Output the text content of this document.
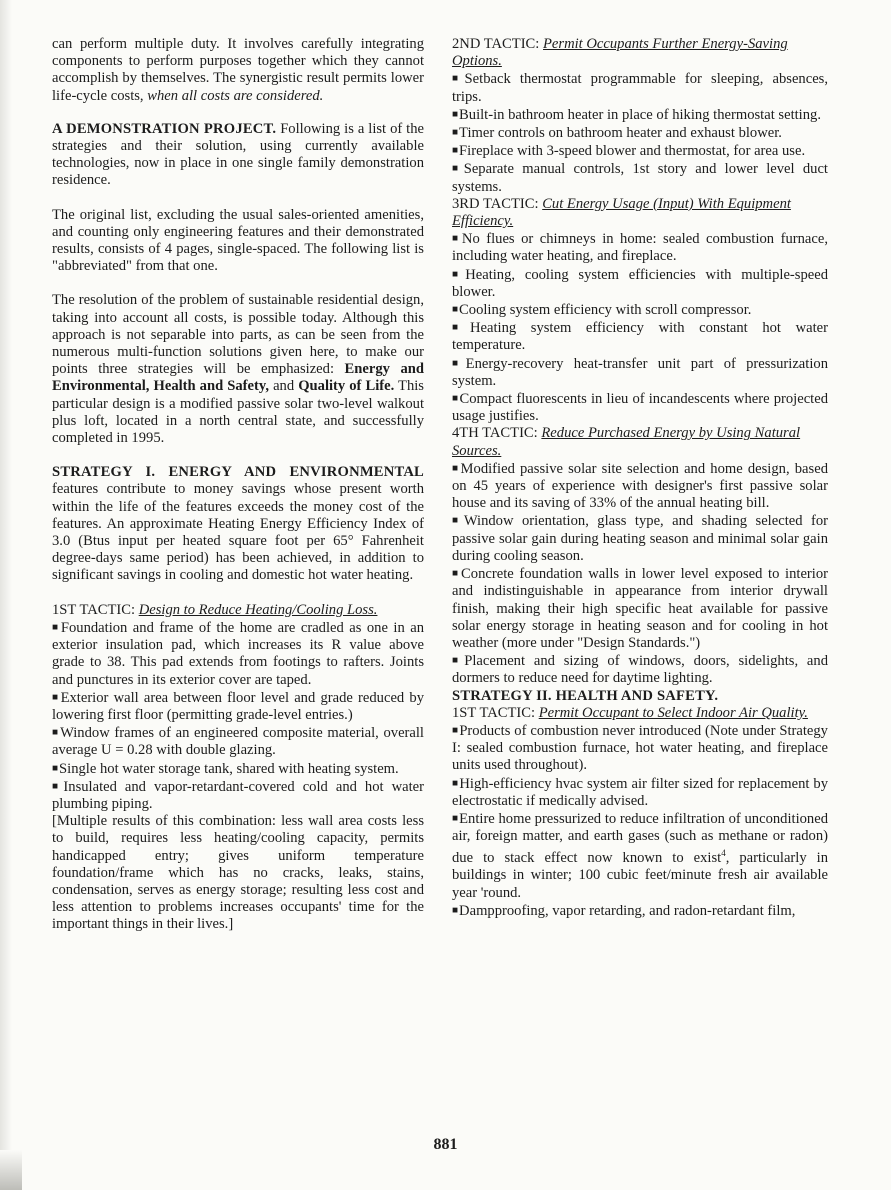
can perform multiple duty. It involves carefully integrating components to perform purposes together which they cannot accomplish by themselves. The synergistic result permits lower life-cycle costs, when all costs are considered.

A DEMONSTRATION PROJECT. Following is a list of the strategies and their solution, using currently available technologies, now in place in one single family demonstration residence.

The original list, excluding the usual sales-oriented amenities, and counting only engineering features and their demonstrated results, consists of 4 pages, single-spaced. The following list is "abbreviated" from that one.

The resolution of the problem of sustainable residential design, taking into account all costs, is possible today. Although this approach is not separable into parts, as can be seen from the numerous multi-function solutions given here, to make our points three strategies will be emphasized: Energy and Environmental, Health and Safety, and Quality of Life. This particular design is a modified passive solar two-level walkout plus loft, located in a north central state, and successfully completed in 1995.

STRATEGY I. ENERGY AND ENVIRONMENTAL features contribute to money savings whose present worth within the life of the features exceeds the money cost of the features. An approximate Heating Energy Efficiency Index of 3.0 (Btus input per heated square foot per 65° Fahrenheit degree-days same period) has been achieved, in addition to significant savings in cooling and domestic hot water heating.

1ST TACTIC: Design to Reduce Heating/Cooling Loss.
■Foundation and frame of the home are cradled as one in an exterior insulation pad, which increases its R value above grade to 38. This pad extends from footings to rafters. Joints and punctures in its exterior cover are taped.
■Exterior wall area between floor level and grade reduced by lowering first floor (permitting grade-level entries.)
■Window frames of an engineered composite material, overall average U = 0.28 with double glazing.
■Single hot water storage tank, shared with heating system.
■Insulated and vapor-retardant-covered cold and hot water plumbing piping.

[Multiple results of this combination: less wall area costs less to build, requires less heating/cooling capacity, permits handicapped entry; gives uniform temperature foundation/frame which has no cracks, leaks, stains, condensation, serves as energy storage; resulting less cost and less attention to problems increases occupants' time for the important things in their lives.]

2ND TACTIC: Permit Occupants Further Energy-Saving Options.
■Setback thermostat programmable for sleeping, absences, trips.
■Built-in bathroom heater in place of hiking thermostat setting.
■Timer controls on bathroom heater and exhaust blower.
■Fireplace with 3-speed blower and thermostat, for area use.
■Separate manual controls, 1st story and lower level duct systems.
3RD TACTIC: Cut Energy Usage (Input) With Equipment Efficiency.
■No flues or chimneys in home: sealed combustion furnace, including water heating, and fireplace.
■Heating, cooling system efficiencies with multiple-speed blower.
■Cooling system efficiency with scroll compressor.
■Heating system efficiency with constant hot water temperature.
■Energy-recovery heat-transfer unit part of pressurization system.
■Compact fluorescents in lieu of incandescents where projected usage justifies.
4TH TACTIC: Reduce Purchased Energy by Using Natural Sources.
■Modified passive solar site selection and home design, based on 45 years of experience with designer's first passive solar house and its saving of 33% of the annual heating bill.
■Window orientation, glass type, and shading selected for passive solar gain during heating season and minimal solar gain during cooling season.
■Concrete foundation walls in lower level exposed to interior and indistinguishable in appearance from interior drywall finish, making their high specific heat available for passive solar energy storage in heating season and for cooling in hot weather (more under "Design Standards.")
■Placement and sizing of windows, doors, sidelights, and dormers to reduce need for daytime lighting.
STRATEGY II. HEALTH AND SAFETY.
1ST TACTIC: Permit Occupant to Select Indoor Air Quality.
■Products of combustion never introduced (Note under Strategy I: sealed combustion furnace, hot water heating, and fireplace units used throughout).
■High-efficiency hvac system air filter sized for replacement by electrostatic if medically advised.
■Entire home pressurized to reduce infiltration of unconditioned air, foreign matter, and earth gases (such as methane or radon) due to stack effect now known to exist$^4$, particularly in buildings in winter; 100 cubic feet/minute fresh air available year 'round.
■Dampproofing, vapor retarding, and radon-retardant film,
881
